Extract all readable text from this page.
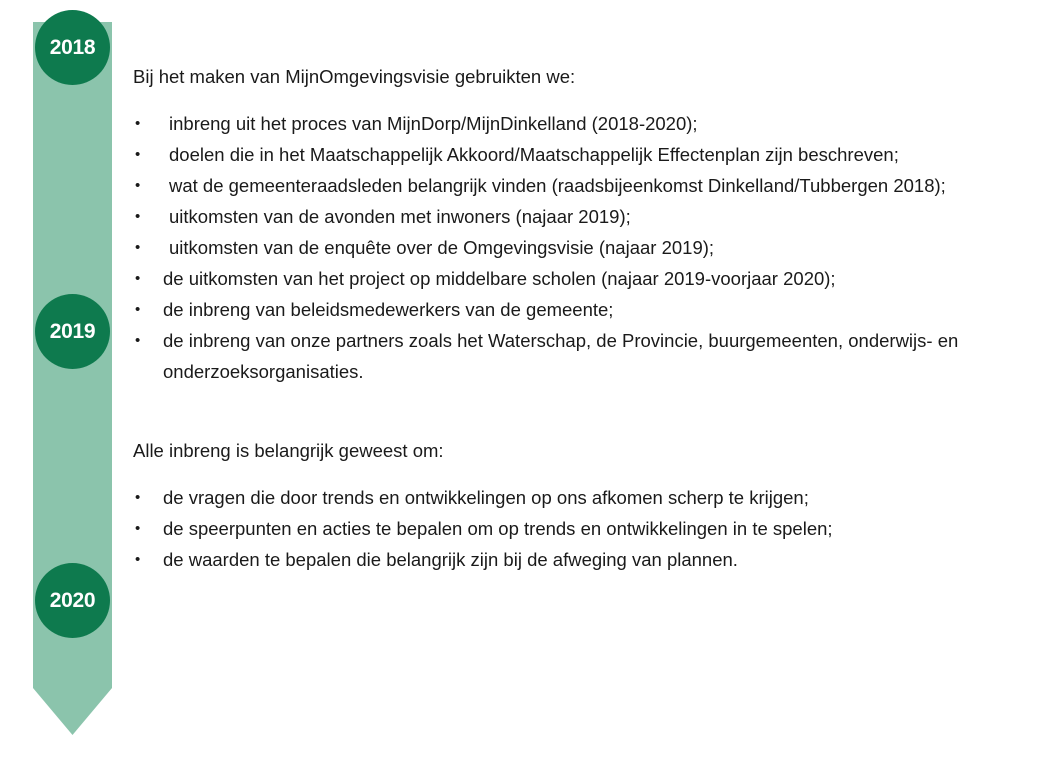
2018
2019
2020

Bij het maken van MijnOmgevingsvisie gebruikten we:

• inbreng uit het proces van MijnDorp/MijnDinkelland (2018-2020);
• doelen die in het Maatschappelijk Akkoord/Maatschappelijk Effectenplan zijn beschreven;
• wat de gemeenteraadsleden belangrijk vinden (raadsbijeenkomst Dinkelland/Tubbergen 2018);
• uitkomsten van de avonden met inwoners (najaar 2019);
• uitkomsten van de enquête over de Omgevingsvisie (najaar 2019);
• de uitkomsten van het project op middelbare scholen (najaar 2019-voorjaar 2020);
• de inbreng van beleidsmedewerkers van de gemeente;
• de inbreng van onze partners zoals het Waterschap, de Provincie, buurgemeenten, onderwijs- en onderzoeksorganisaties.

Alle inbreng is belangrijk geweest om:

• de vragen die door trends en ontwikkelingen op ons afkomen scherp te krijgen;
• de speerpunten en acties te bepalen om op trends en ontwikkelingen in te spelen;
• de waarden te bepalen die belangrijk zijn bij de afweging van plannen.
